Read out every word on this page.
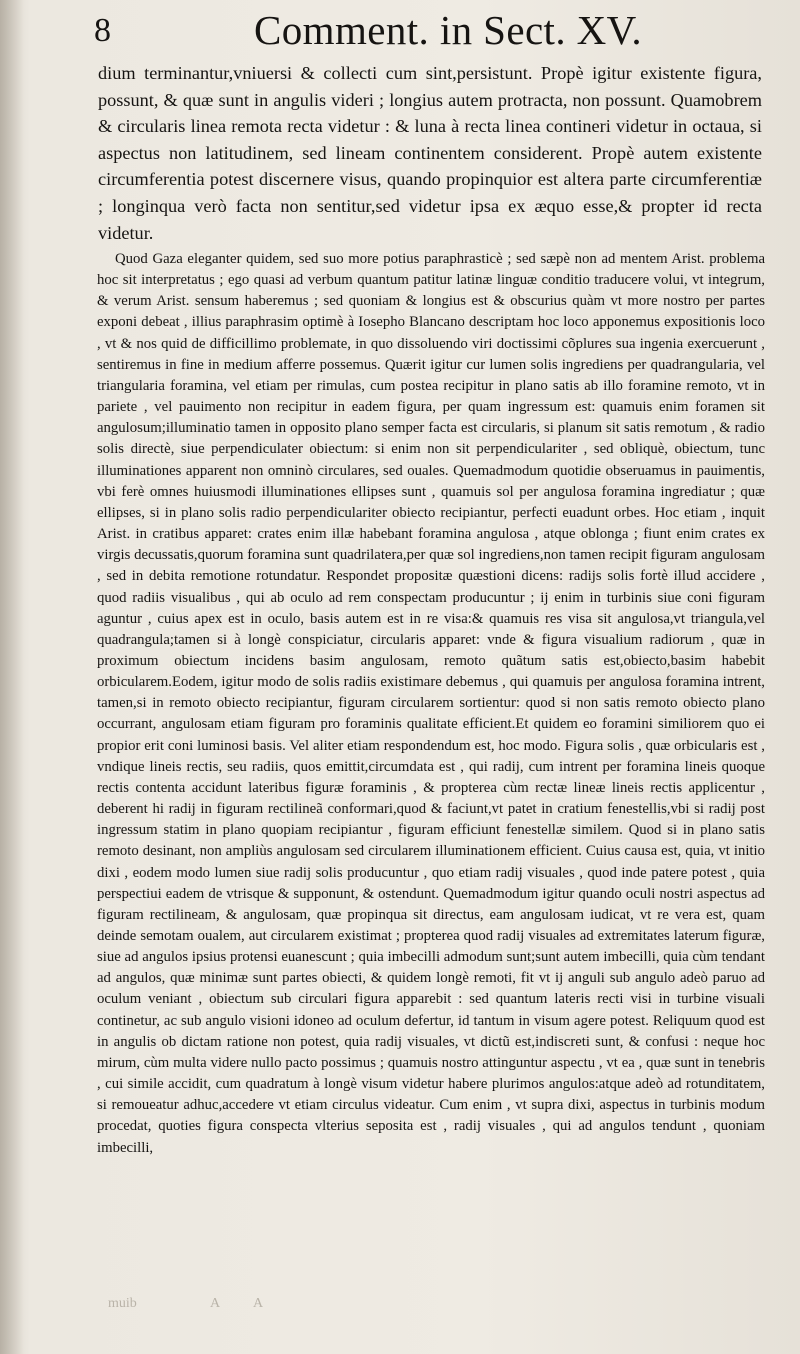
8	Comment. in Sect. XV.

dium terminantur,vniuersi & collecti cum sint,persistunt. Propè igitur existente figura, possunt, & quæ sunt in angulis videri ; longius autem protracta, non possunt. Quamobrem & circularis linea remota recta videtur : & luna à recta linea contineri videtur in octaua, si aspectus non latitudinem, sed lineam continentem considerent. Propè autem existente circumferentia potest discernere visus, quando propinquior est altera parte circumferentiæ ; longinqua verò facta non sentitur,sed videtur ipsa ex æquo esse,& propter id recta videtur.

Quod Gaza eleganter quidem, sed suo more potius paraphrasticè ; sed sæpè non ad mentem Arist. problema hoc sit interpretatus ; ego quasi ad verbum quantum patitur latinæ linguæ conditio traducere volui, vt integrum, & verum Arist. sensum haberemus ; sed quoniam & longius est & obscurius quàm vt more nostro per partes exponi debeat , illius paraphrasim optimè à Iosepho Blancano descriptam hoc loco apponemus expositionis loco , vt & nos quid de difficillimo problemate, in quo dissoluendo viri doctissimi cõplures sua ingenia exercuerunt , sentiremus in fine in medium afferre possemus. Quærit igitur cur lumen solis ingrediens per quadrangularia, vel triangularia foramina, vel etiam per rimulas, cum postea recipitur in plano satis ab illo foramine remoto, vt in pariete , vel pauimento non recipitur in eadem figura, per quam ingressum est: quamuis enim foramen sit angulosum;illuminatio tamen in opposito plano semper facta est circularis, si planum sit satis remotum , & radio solis directè, siue perpendiculater obiectum: si enim non sit perpendiculariter , sed obliquè, obiectum, tunc illuminationes apparent non omninò circulares, sed ouales. Quemadmodum quotidie obseruamus in pauimentis, vbi ferè omnes huiusmodi illuminationes ellipses sunt , quamuis sol per angulosa foramina ingrediatur ; quæ ellipses, si in plano solis radio perpendiculariter obiecto recipiantur, perfecti euadunt orbes. Hoc etiam , inquit Arist. in cratibus apparet: crates enim illæ habebant foramina angulosa , atque oblonga ; fiunt enim crates ex virgis decussatis,quorum foramina sunt quadrilatera,per quæ sol ingrediens,non tamen recipit figuram angulosam , sed in debita remotione rotundatur. Respondet propositæ quæstioni dicens: radijs solis fortè illud accidere , quod radiis visualibus , qui ab oculo ad rem conspectam producuntur ; ij enim in turbinis siue coni figuram aguntur , cuius apex est in oculo, basis autem est in re visa:& quamuis res visa sit angulosa,vt triangula,vel quadrangula;tamen si à longè conspiciatur, circularis apparet: vnde & figura visualium radiorum , quæ in proximum obiectum incidens basim angulosam, remoto quãtum satis est,obiecto,basim habebit orbicularem.Eodem, igitur modo de solis radiis existimare debemus , qui quamuis per angulosa foramina intrent, tamen,si in remoto obiecto recipiantur, figuram circularem sortientur: quod si non satis remoto obiecto plano occurrant, angulosam etiam figuram pro foraminis qualitate efficient.Et quidem eo foramini similiorem quo ei propior erit coni luminosi basis. Vel aliter etiam respondendum est, hoc modo. Figura solis , quæ orbicularis est , vndique lineis rectis, seu radiis, quos emittit,circumdata est , qui radij, cum intrent per foramina lineis quoque rectis contenta accidunt lateribus figuræ foraminis , & propterea cùm rectæ lineæ lineis rectis applicentur , deberent hi radij in figuram rectilineã conformari,quod & faciunt,vt patet in cratium fenestellis,vbi si radij post ingressum statim in plano quopiam recipiantur , figuram efficiunt fenestellæ similem. Quod si in plano satis remoto desinant, non ampliùs angulosam sed circularem illuminationem efficient. Cuius causa est, quia, vt initio dixi , eodem modo lumen siue radij solis producuntur , quo etiam radij visuales , quod inde patere potest , quia perspectiui eadem de vtrisque & supponunt, & ostendunt. Quemadmodum igitur quando oculi nostri aspectus ad figuram rectilineam, & angulosam, quæ propinqua sit directus, eam angulosam iudicat, vt re vera est, quam deinde semotam oualem, aut circularem existimat ; propterea quod radij visuales ad extremitates laterum figuræ, siue ad angulos ipsius protensi euanescunt ; quia imbecilli admodum sunt;sunt autem imbecilli, quia cùm tendant ad angulos, quæ minimæ sunt partes obiecti, & quidem longè remoti, fit vt ij anguli sub angulo adeò paruo ad oculum veniant , obiectum sub circulari figura apparebit : sed quantum lateris recti visi in turbine visuali continetur, ac sub angulo visioni idoneo ad oculum defertur, id tantum in visum agere potest. Reliquum quod est in angulis ob dictam ratione non potest, quia radij visuales, vt dictũ est,indiscreti sunt, & confusi : neque hoc mirum, cùm multa videre nullo pacto possimus ; quamuis nostro attinguntur aspectu , vt ea , quæ sunt in tenebris , cui simile accidit, cum quadratum à longè visum videtur habere plurimos angulos:atque adeò ad rotunditatem, si remoueatur adhuc,accedere vt etiam circulus videatur. Cum enim , vt supra dixi, aspectus in turbinis modum procedat, quoties figura conspecta vlterius seposita est , radij visuales , qui ad angulos tendunt , quoniam imbecilli,

muib	A A
